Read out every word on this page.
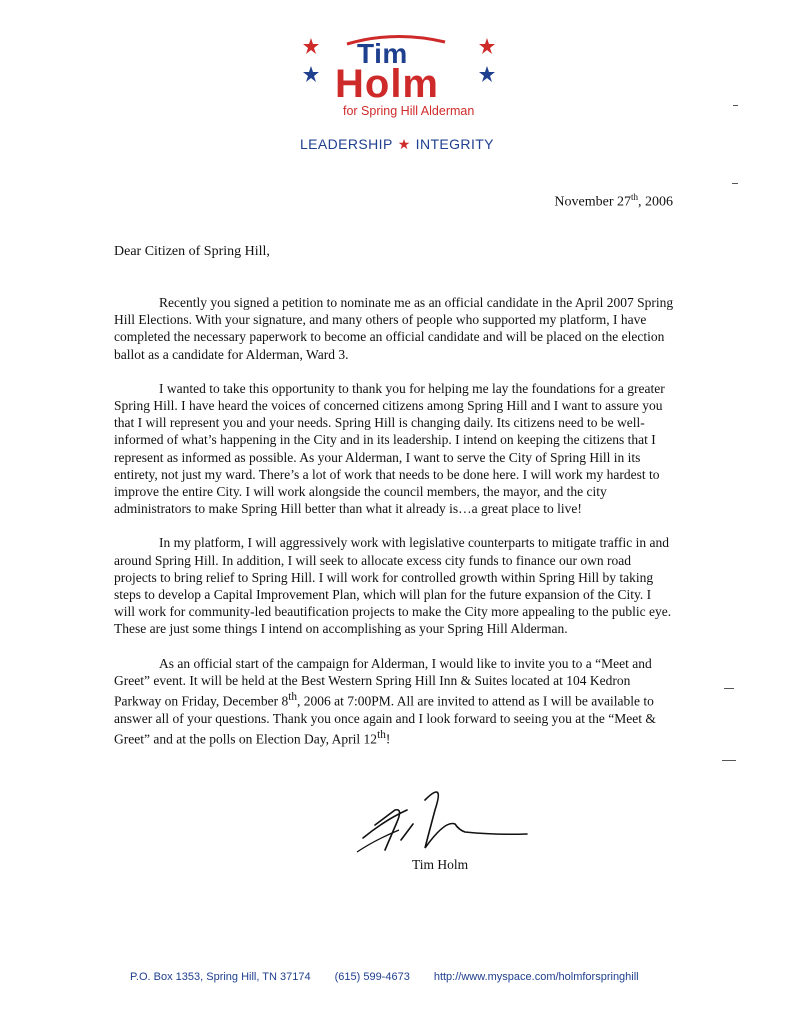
Tim
Holm
for Spring Hill Alderman
LEADERSHIP ★ INTEGRITY
November 27th, 2006
Dear Citizen of Spring Hill,

Recently you signed a petition to nominate me as an official candidate in the April 2007 Spring Hill Elections. With your signature, and many others of people who supported my platform, I have completed the necessary paperwork to become an official candidate and will be placed on the election ballot as a candidate for Alderman, Ward 3.

I wanted to take this opportunity to thank you for helping me lay the foundations for a greater Spring Hill. I have heard the voices of concerned citizens among Spring Hill and I want to assure you that I will represent you and your needs. Spring Hill is changing daily. Its citizens need to be well-informed of what’s happening in the City and in its leadership. I intend on keeping the citizens that I represent as informed as possible. As your Alderman, I want to serve the City of Spring Hill in its entirety, not just my ward. There’s a lot of work that needs to be done here. I will work my hardest to improve the entire City. I will work alongside the council members, the mayor, and the city administrators to make Spring Hill better than what it already is…a great place to live!

In my platform, I will aggressively work with legislative counterparts to mitigate traffic in and around Spring Hill. In addition, I will seek to allocate excess city funds to finance our own road projects to bring relief to Spring Hill. I will work for controlled growth within Spring Hill by taking steps to develop a Capital Improvement Plan, which will plan for the future expansion of the City. I will work for community-led beautification projects to make the City more appealing to the public eye. These are just some things I intend on accomplishing as your Spring Hill Alderman.

As an official start of the campaign for Alderman, I would like to invite you to a “Meet and Greet” event. It will be held at the Best Western Spring Hill Inn & Suites located at 104 Kedron Parkway on Friday, December 8th, 2006 at 7:00PM. All are invited to attend as I will be available to answer all of your questions. Thank you once again and I look forward to seeing you at the “Meet & Greet” and at the polls on Election Day, April 12th!

Tim Holm
P.O. Box 1353, Spring Hill, TN 37174 (615) 599-4673 http://www.myspace.com/holmforspringhill
